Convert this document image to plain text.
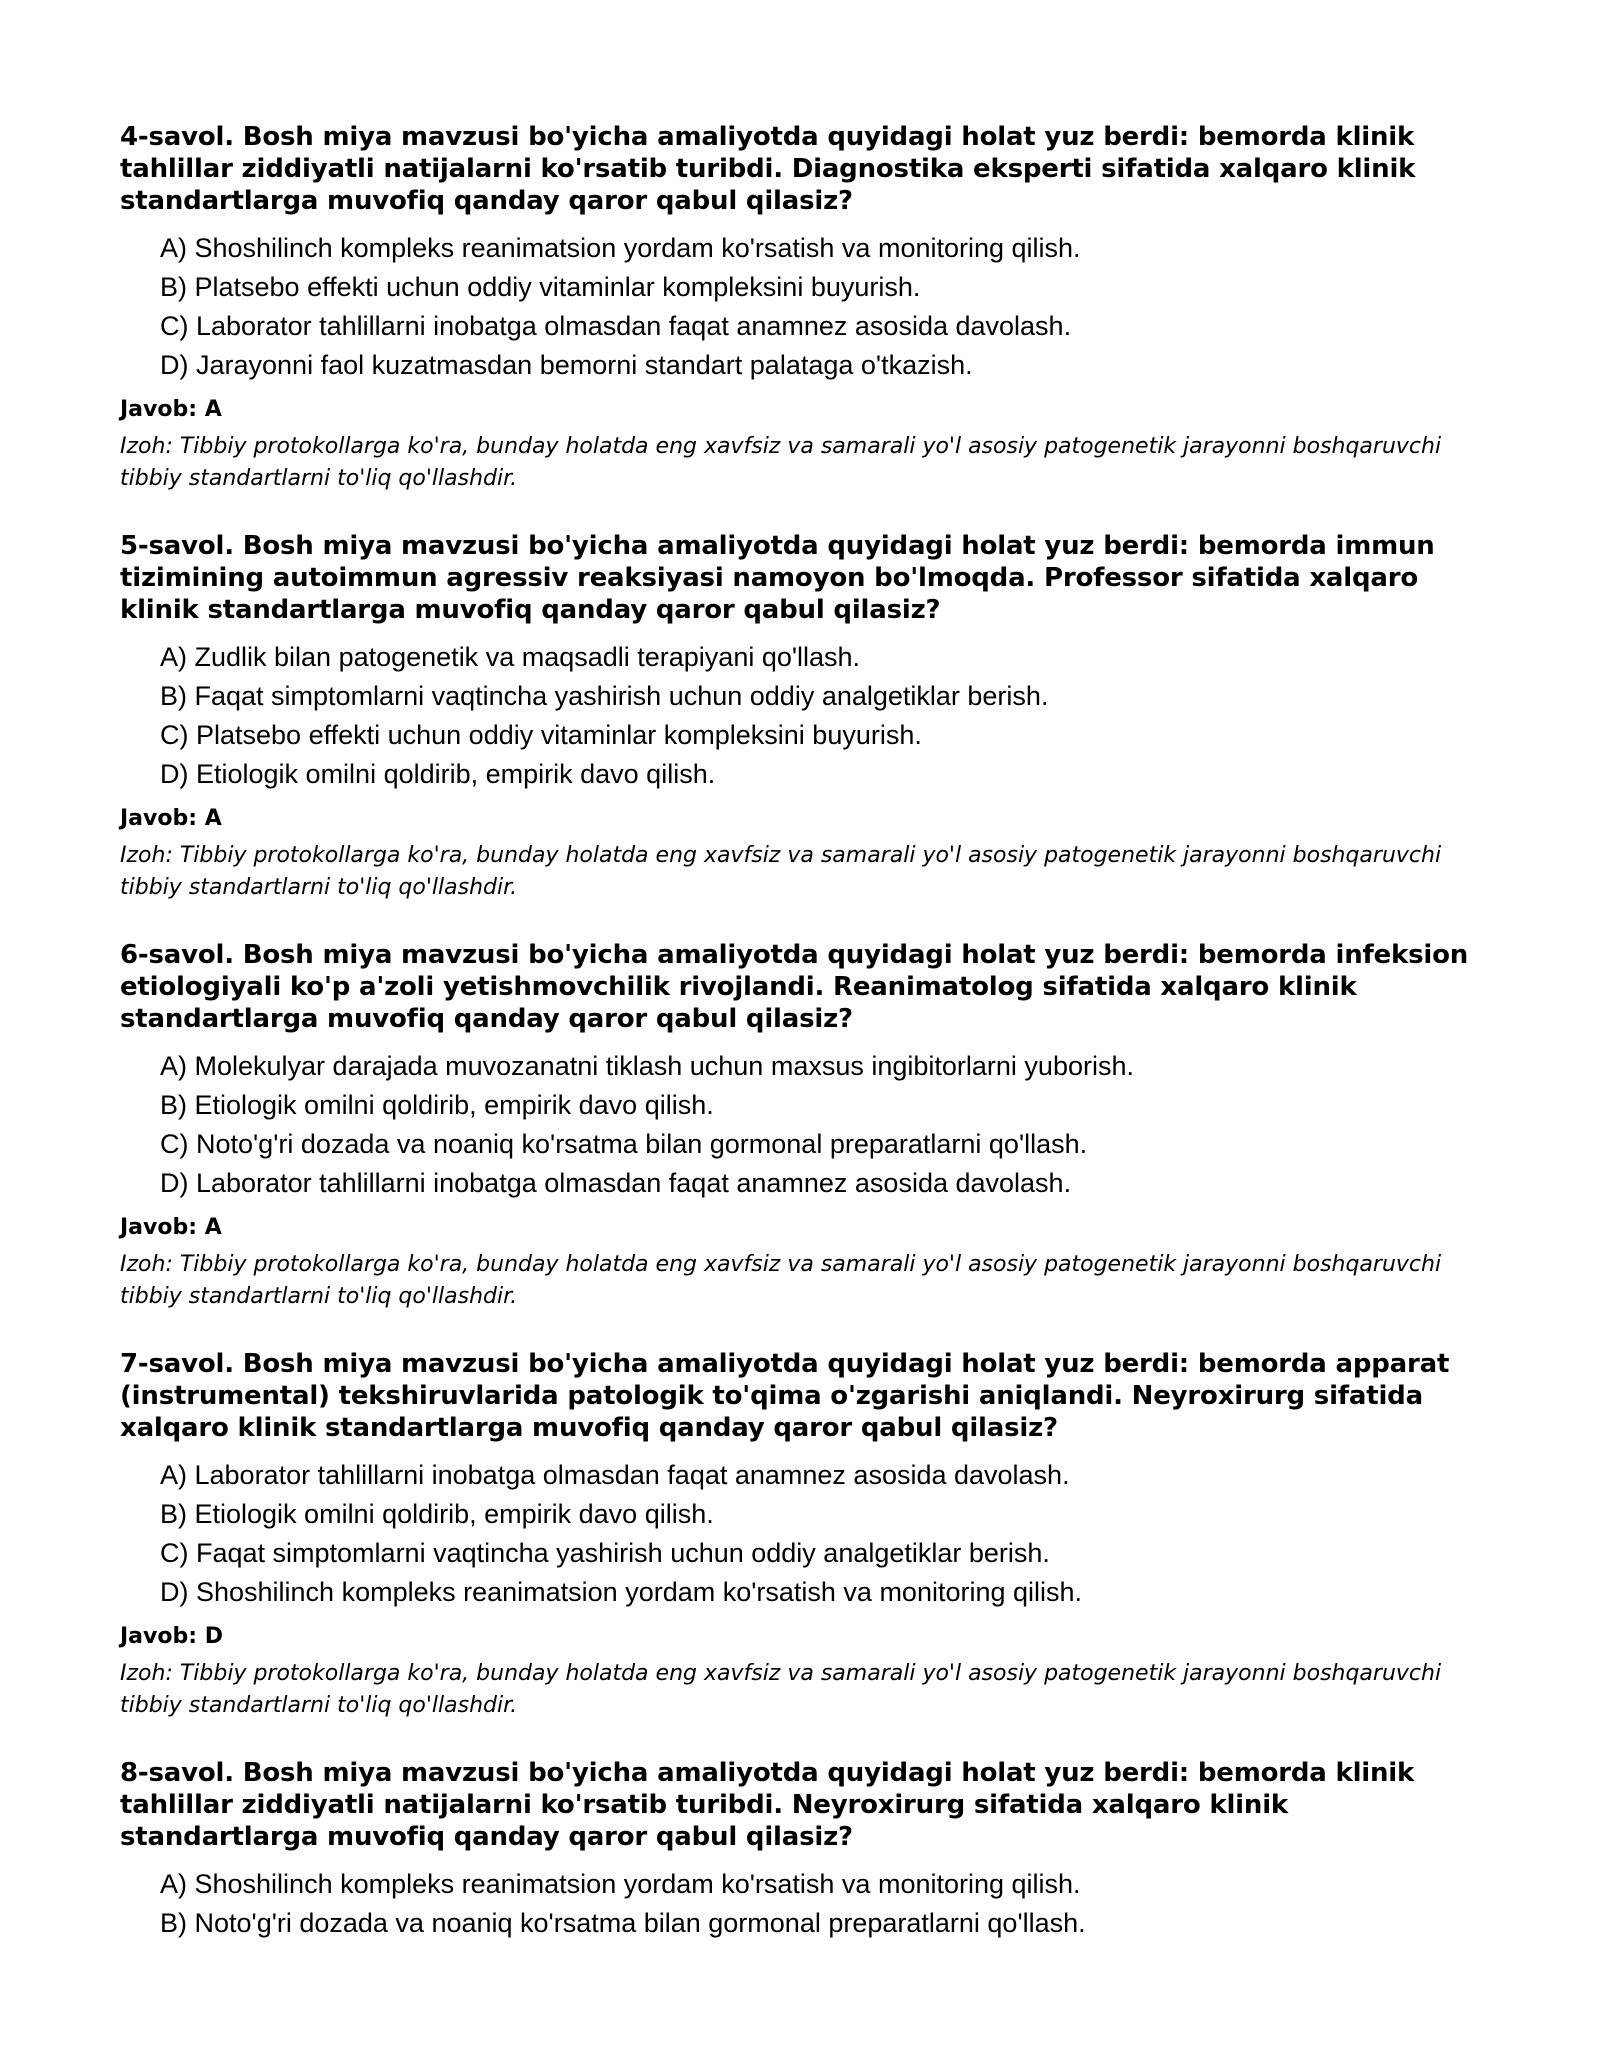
4-savol. Bosh miya mavzusi bo'yicha amaliyotda quyidagi holat yuz berdi: bemorda klinik tahlillar ziddiyatli natijalarni ko'rsatib turibdi. Diagnostika eksperti sifatida xalqaro klinik standartlarga muvofiq qanday qaror qabul qilasiz?

A) Shoshilinch kompleks reanimatsion yordam ko'rsatish va monitoring qilish.
B) Platsebo effekti uchun oddiy vitaminlar kompleksini buyurish.
C) Laborator tahlillarni inobatga olmasdan faqat anamnez asosida davolash.
D) Jarayonni faol kuzatmasdan bemorni standart palataga o'tkazish.
Javob: A
Izoh: Tibbiy protokollarga ko'ra, bunday holatda eng xavfsiz va samarali yo'l asosiy patogenetik jarayonni boshqaruvchi tibbiy standartlarni to'liq qo'llashdir.

5-savol. Bosh miya mavzusi bo'yicha amaliyotda quyidagi holat yuz berdi: bemorda immun tizimining autoimmun agressiv reaksiyasi namoyon bo'lmoqda. Professor sifatida xalqaro klinik standartlarga muvofiq qanday qaror qabul qilasiz?

A) Zudlik bilan patogenetik va maqsadli terapiyani qo'llash.
B) Faqat simptomlarni vaqtincha yashirish uchun oddiy analgetiklar berish.
C) Platsebo effekti uchun oddiy vitaminlar kompleksini buyurish.
D) Etiologik omilni qoldirib, empirik davo qilish.
Javob: A
Izoh: Tibbiy protokollarga ko'ra, bunday holatda eng xavfsiz va samarali yo'l asosiy patogenetik jarayonni boshqaruvchi tibbiy standartlarni to'liq qo'llashdir.

6-savol. Bosh miya mavzusi bo'yicha amaliyotda quyidagi holat yuz berdi: bemorda infeksion etiologiyali ko'p a'zoli yetishmovchilik rivojlandi. Reanimatolog sifatida xalqaro klinik standartlarga muvofiq qanday qaror qabul qilasiz?

A) Molekulyar darajada muvozanatni tiklash uchun maxsus ingibitorlarni yuborish.
B) Etiologik omilni qoldirib, empirik davo qilish.
C) Noto'g'ri dozada va noaniq ko'rsatma bilan gormonal preparatlarni qo'llash.
D) Laborator tahlillarni inobatga olmasdan faqat anamnez asosida davolash.
Javob: A
Izoh: Tibbiy protokollarga ko'ra, bunday holatda eng xavfsiz va samarali yo'l asosiy patogenetik jarayonni boshqaruvchi tibbiy standartlarni to'liq qo'llashdir.

7-savol. Bosh miya mavzusi bo'yicha amaliyotda quyidagi holat yuz berdi: bemorda apparat (instrumental) tekshiruvlarida patologik to'qima o'zgarishi aniqlandi. Neyroxirurg sifatida xalqaro klinik standartlarga muvofiq qanday qaror qabul qilasiz?

A) Laborator tahlillarni inobatga olmasdan faqat anamnez asosida davolash.
B) Etiologik omilni qoldirib, empirik davo qilish.
C) Faqat simptomlarni vaqtincha yashirish uchun oddiy analgetiklar berish.
D) Shoshilinch kompleks reanimatsion yordam ko'rsatish va monitoring qilish.
Javob: D
Izoh: Tibbiy protokollarga ko'ra, bunday holatda eng xavfsiz va samarali yo'l asosiy patogenetik jarayonni boshqaruvchi tibbiy standartlarni to'liq qo'llashdir.

8-savol. Bosh miya mavzusi bo'yicha amaliyotda quyidagi holat yuz berdi: bemorda klinik tahlillar ziddiyatli natijalarni ko'rsatib turibdi. Neyroxirurg sifatida xalqaro klinik standartlarga muvofiq qanday qaror qabul qilasiz?

A) Shoshilinch kompleks reanimatsion yordam ko'rsatish va monitoring qilish.
B) Noto'g'ri dozada va noaniq ko'rsatma bilan gormonal preparatlarni qo'llash.
